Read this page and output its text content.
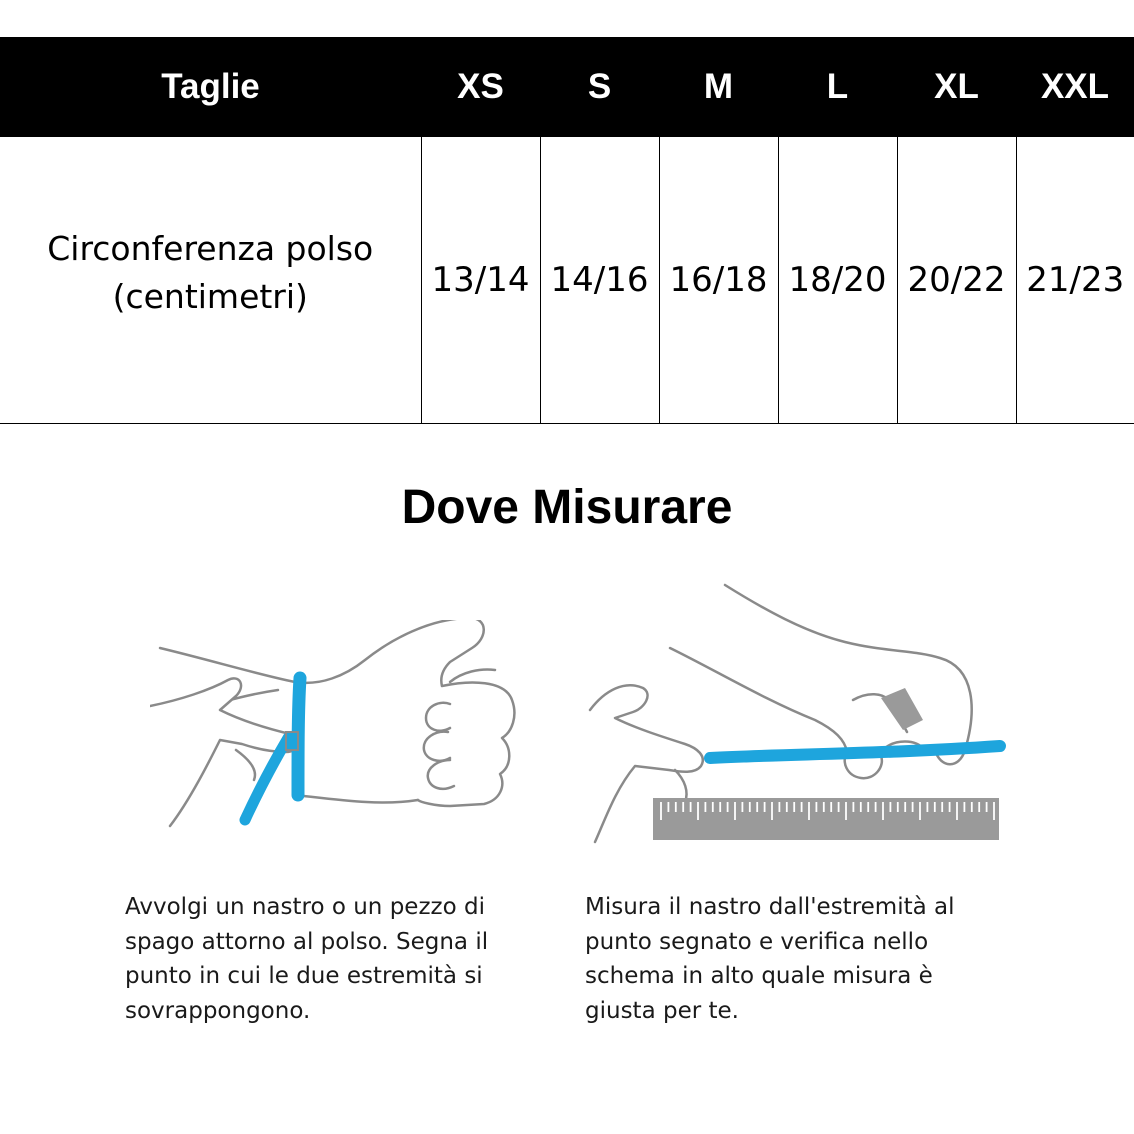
Taglie	XS	S	M	L	XL	XXL

Circonferenza polso
(centimetri)	13/14	14/16	16/18	18/20	20/22	21/23
Dove Misurare

Avvolgi un nastro o un pezzo di spago attorno al polso. Segna il punto in cui le due estremità si sovrappongono.

Misura il nastro dall'estremità al punto segnato e verifica nello schema in alto quale misura è giusta per te.
